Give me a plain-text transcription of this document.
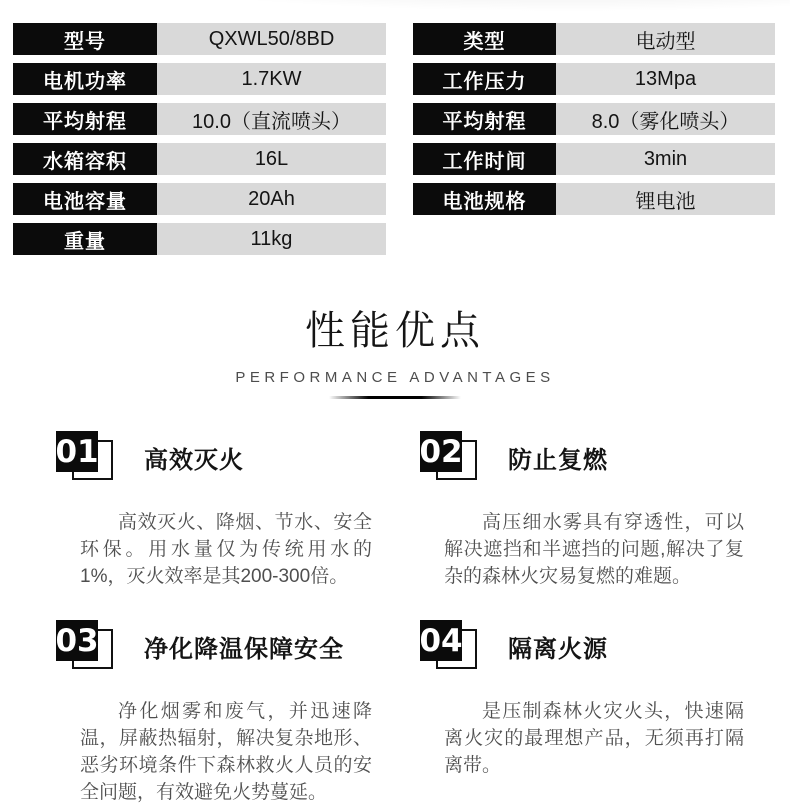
型号	QXWL50/8BD
电机功率	1.7KW
平均射程	10.0（直流喷头）
水箱容积	16L
电池容量	20Ah
重量	11kg
类型	电动型
工作压力	13Mpa
平均射程	8.0（雾化喷头）
工作时间	3min
电池规格	锂电池
性能优点
PERFORMANCE ADVANTAGES
01 高效灭火

高效灭火、降烟、节水、安全环保。用水量仅为传统用水的1%，灭火效率是其200-300倍。

02 防止复燃

高压细水雾具有穿透性，可以解决遮挡和半遮挡的问题,解决了复杂的森林火灾易复燃的难题。

03 净化降温保障安全

净化烟雾和废气，并迅速降温，屏蔽热辐射，解决复杂地形、恶劣环境条件下森林救火人员的安全问题，有效避免火势蔓延。

04 隔离火源

是压制森林火灾火头，快速隔离火灾的最理想产品，无须再打隔离带。
